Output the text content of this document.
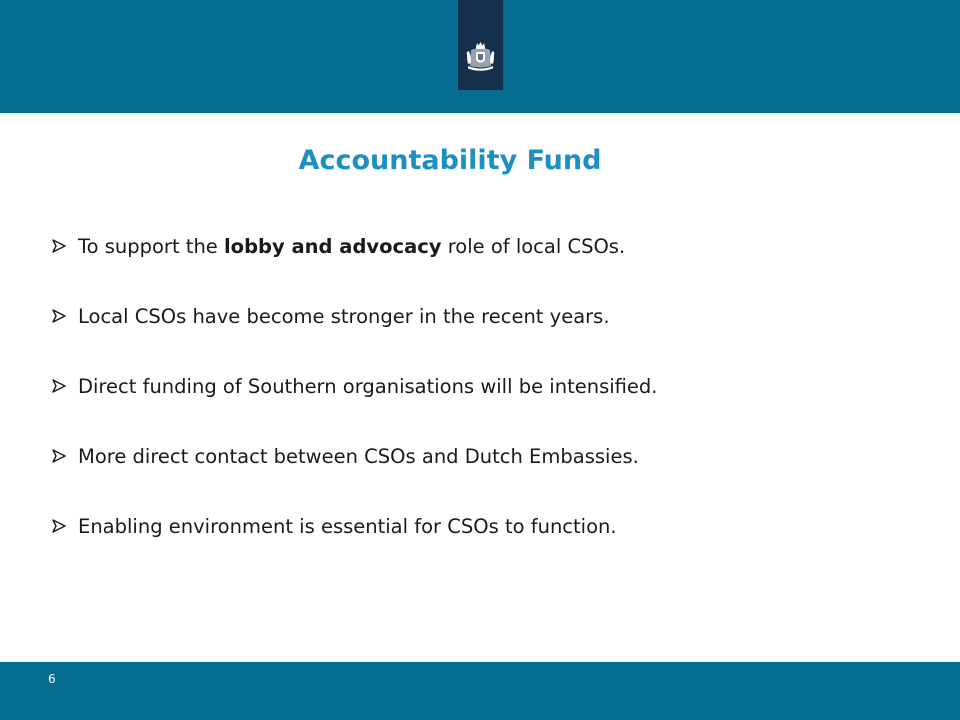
Accountability Fund
To support the lobby and advocacy role of local CSOs.
Local CSOs have become stronger in the recent years.
Direct funding of Southern organisations will be intensified.
More direct contact between CSOs and Dutch Embassies.
Enabling environment is essential for CSOs to function.
6
